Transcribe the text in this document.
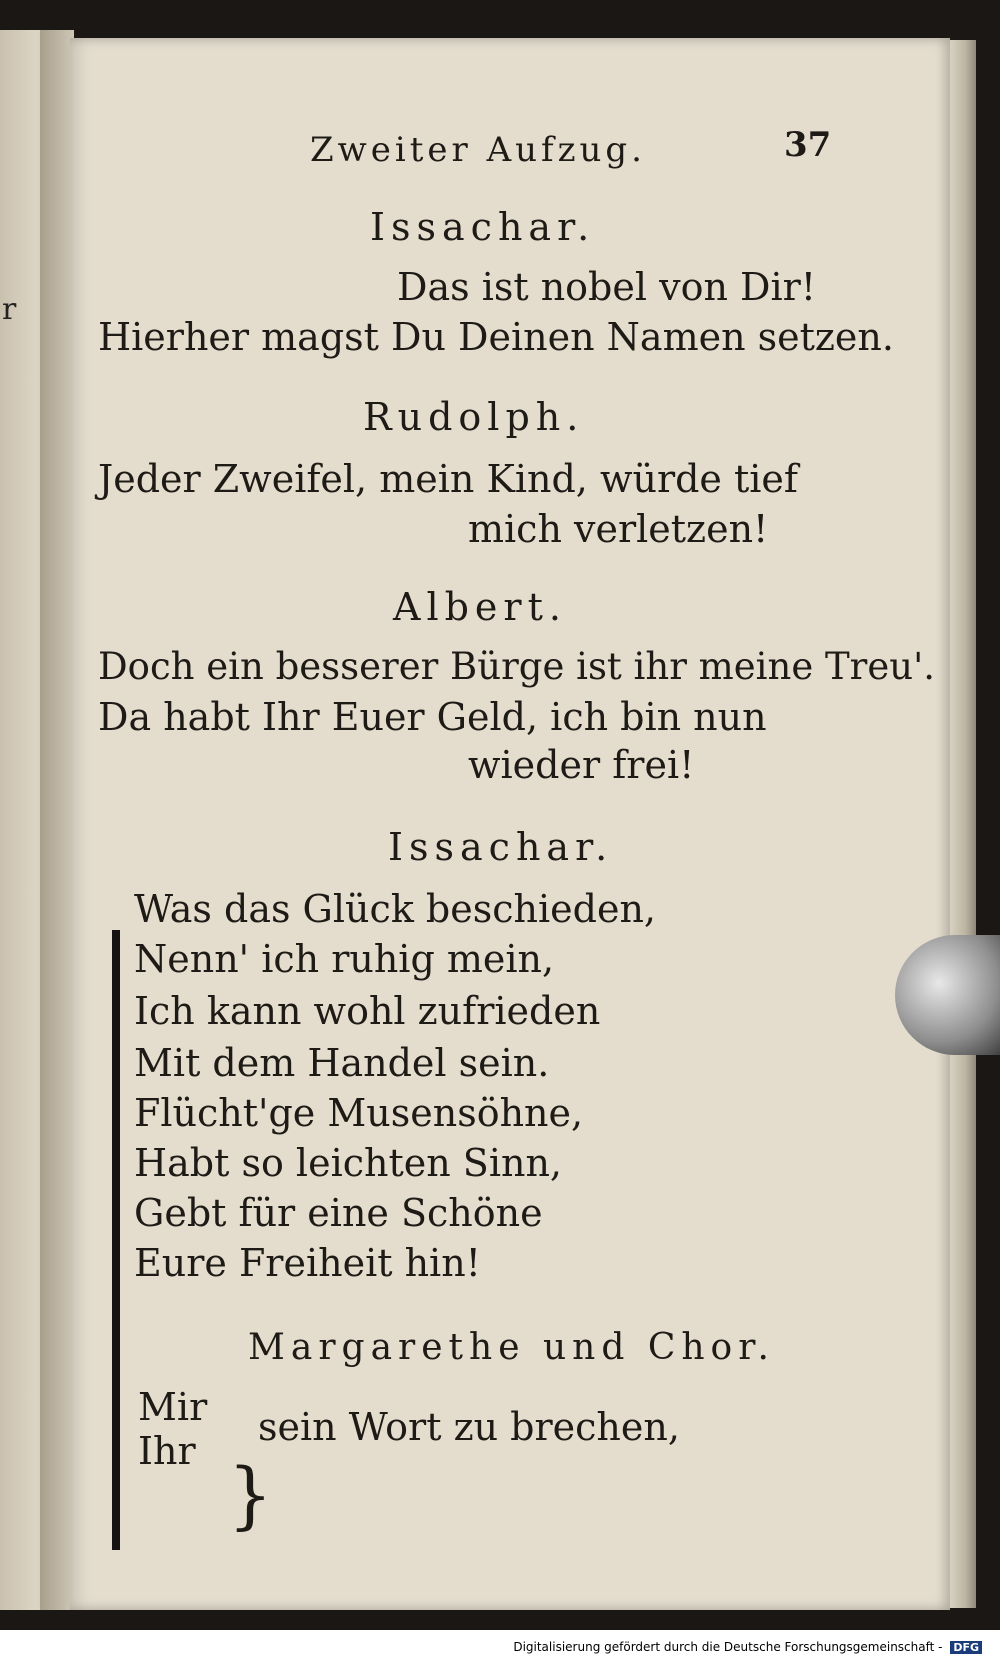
r
Zweiter Aufzug.	37
Issachar.
Das ist nobel von Dir!
Hierher magst Du Deinen Namen setzen.
Rudolph.
Jeder Zweifel, mein Kind, würde tief
mich verletzen!
Albert.
Doch ein besserer Bürge ist ihr meine Treu'.
Da habt Ihr Euer Geld, ich bin nun
wieder frei!
Issachar.
Was das Glück beschieden,
Nenn' ich ruhig mein,
Ich kann wohl zufrieden
Mit dem Handel sein.
Flücht'ge Musensöhne,
Habt so leichten Sinn,
Gebt für eine Schöne
Eure Freiheit hin!
Margarethe und Chor.
Mir
Ihr
}
sein Wort zu brechen,
Digitalisierung gefördert durch die Deutsche Forschungsgemeinschaft - DFG
